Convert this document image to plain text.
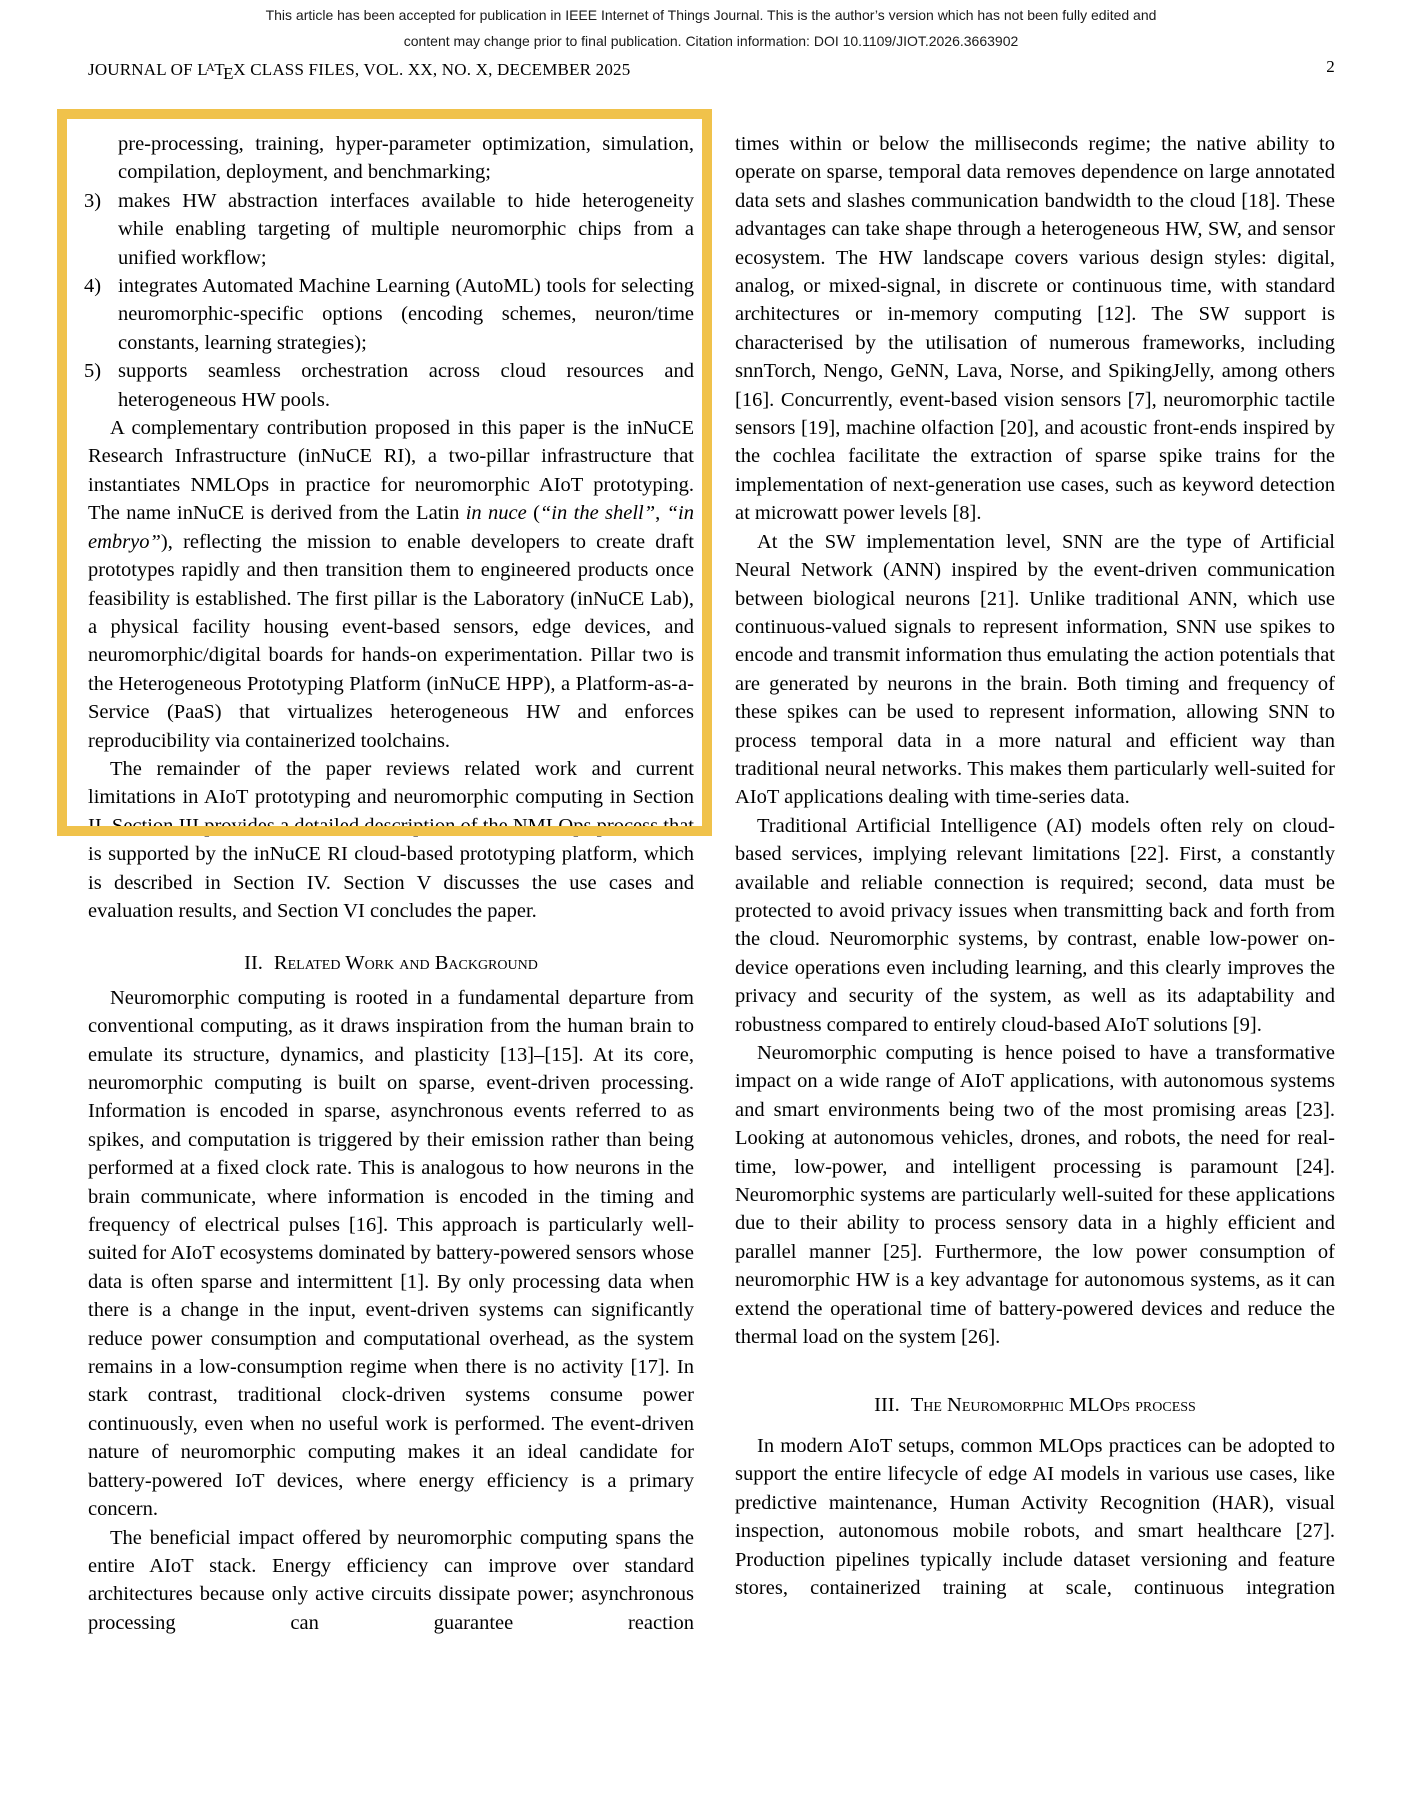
This article has been accepted for publication in IEEE Internet of Things Journal. This is the author’s version which has not been fully edited and
content may change prior to final publication. Citation information: DOI 10.1109/JIOT.2026.3663902
JOURNAL OF $L^ATEX$ CLASS FILES, VOL. XX, NO. X, DECEMBER 2025	2
pre-processing, training, hyper-parameter optimization, simulation, compilation, deployment, and benchmarking;
3) makes HW abstraction interfaces available to hide heterogeneity while enabling targeting of multiple neuromorphic chips from a unified workflow;
4) integrates Automated Machine Learning (AutoML) tools for selecting neuromorphic-specific options (encoding schemes, neuron/time constants, learning strategies);
5) supports seamless orchestration across cloud resources and heterogeneous HW pools.

A complementary contribution proposed in this paper is the inNuCE Research Infrastructure (inNuCE RI), a two-pillar infrastructure that instantiates NMLOps in practice for neuromorphic AIoT prototyping. The name inNuCE is derived from the Latin in nuce (“in the shell”, “in embryo”), reflecting the mission to enable developers to create draft prototypes rapidly and then transition them to engineered products once feasibility is established. The first pillar is the Laboratory (inNuCE Lab), a physical facility housing event-based sensors, edge devices, and neuromorphic/digital boards for hands-on experimentation. Pillar two is the Heterogeneous Prototyping Platform (inNuCE HPP), a Platform-as-a-Service (PaaS) that virtualizes heterogeneous HW and enforces reproducibility via containerized toolchains.

The remainder of the paper reviews related work and current limitations in AIoT prototyping and neuromorphic computing in Section II. Section III provides a detailed description of the NMLOps process that is supported by the inNuCE RI cloud-based prototyping platform, which is described in Section IV. Section V discusses the use cases and evaluation results, and Section VI concludes the paper.

II. Related Work and Background

Neuromorphic computing is rooted in a fundamental departure from conventional computing, as it draws inspiration from the human brain to emulate its structure, dynamics, and plasticity [13]–[15]. At its core, neuromorphic computing is built on sparse, event-driven processing. Information is encoded in sparse, asynchronous events referred to as spikes, and computation is triggered by their emission rather than being performed at a fixed clock rate. This is analogous to how neurons in the brain communicate, where information is encoded in the timing and frequency of electrical pulses [16]. This approach is particularly well-suited for AIoT ecosystems dominated by battery-powered sensors whose data is often sparse and intermittent [1]. By only processing data when there is a change in the input, event-driven systems can significantly reduce power consumption and computational overhead, as the system remains in a low-consumption regime when there is no activity [17]. In stark contrast, traditional clock-driven systems consume power continuously, even when no useful work is performed. The event-driven nature of neuromorphic computing makes it an ideal candidate for battery-powered IoT devices, where energy efficiency is a primary concern.

The beneficial impact offered by neuromorphic computing spans the entire AIoT stack. Energy efficiency can improve over standard architectures because only active circuits dissipate power; asynchronous processing can guarantee reaction

times within or below the milliseconds regime; the native ability to operate on sparse, temporal data removes dependence on large annotated data sets and slashes communication bandwidth to the cloud [18]. These advantages can take shape through a heterogeneous HW, SW, and sensor ecosystem. The HW landscape covers various design styles: digital, analog, or mixed-signal, in discrete or continuous time, with standard architectures or in-memory computing [12]. The SW support is characterised by the utilisation of numerous frameworks, including snnTorch, Nengo, GeNN, Lava, Norse, and SpikingJelly, among others [16]. Concurrently, event-based vision sensors [7], neuromorphic tactile sensors [19], machine olfaction [20], and acoustic front-ends inspired by the cochlea facilitate the extraction of sparse spike trains for the implementation of next-generation use cases, such as keyword detection at microwatt power levels [8].

At the SW implementation level, SNN are the type of Artificial Neural Network (ANN) inspired by the event-driven communication between biological neurons [21]. Unlike traditional ANN, which use continuous-valued signals to represent information, SNN use spikes to encode and transmit information thus emulating the action potentials that are generated by neurons in the brain. Both timing and frequency of these spikes can be used to represent information, allowing SNN to process temporal data in a more natural and efficient way than traditional neural networks. This makes them particularly well-suited for AIoT applications dealing with time-series data.

Traditional Artificial Intelligence (AI) models often rely on cloud-based services, implying relevant limitations [22]. First, a constantly available and reliable connection is required; second, data must be protected to avoid privacy issues when transmitting back and forth from the cloud. Neuromorphic systems, by contrast, enable low-power on-device operations even including learning, and this clearly improves the privacy and security of the system, as well as its adaptability and robustness compared to entirely cloud-based AIoT solutions [9].

Neuromorphic computing is hence poised to have a transformative impact on a wide range of AIoT applications, with autonomous systems and smart environments being two of the most promising areas [23]. Looking at autonomous vehicles, drones, and robots, the need for real-time, low-power, and intelligent processing is paramount [24]. Neuromorphic systems are particularly well-suited for these applications due to their ability to process sensory data in a highly efficient and parallel manner [25]. Furthermore, the low power consumption of neuromorphic HW is a key advantage for autonomous systems, as it can extend the operational time of battery-powered devices and reduce the thermal load on the system [26].

III. The Neuromorphic MLOps process

In modern AIoT setups, common MLOps practices can be adopted to support the entire lifecycle of edge AI models in various use cases, like predictive maintenance, Human Activity Recognition (HAR), visual inspection, autonomous mobile robots, and smart healthcare [27]. Production pipelines typically include dataset versioning and feature stores, containerized training at scale, continuous integration
